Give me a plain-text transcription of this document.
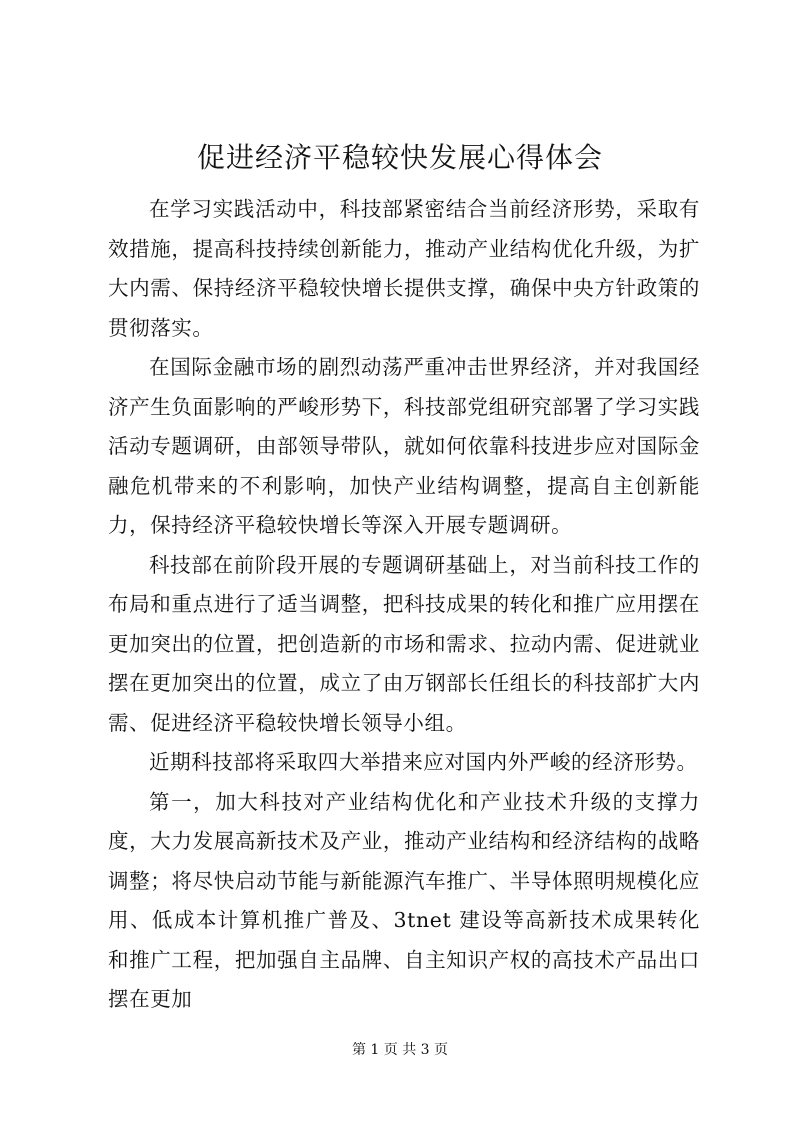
促进经济平稳较快发展心得体会

在学习实践活动中，科技部紧密结合当前经济形势，采取有效措施，提高科技持续创新能力，推动产业结构优化升级，为扩大内需、保持经济平稳较快增长提供支撑，确保中央方针政策的贯彻落实。

在国际金融市场的剧烈动荡严重冲击世界经济，并对我国经济产生负面影响的严峻形势下，科技部党组研究部署了学习实践活动专题调研，由部领导带队，就如何依靠科技进步应对国际金融危机带来的不利影响，加快产业结构调整，提高自主创新能力，保持经济平稳较快增长等深入开展专题调研。

科技部在前阶段开展的专题调研基础上，对当前科技工作的布局和重点进行了适当调整，把科技成果的转化和推广应用摆在更加突出的位置，把创造新的市场和需求、拉动内需、促进就业摆在更加突出的位置，成立了由万钢部长任组长的科技部扩大内需、促进经济平稳较快增长领导小组。

近期科技部将采取四大举措来应对国内外严峻的经济形势。

第一，加大科技对产业结构优化和产业技术升级的支撑力度，大力发展高新技术及产业，推动产业结构和经济结构的战略调整；将尽快启动节能与新能源汽车推广、半导体照明规模化应用、低成本计算机推广普及、3tnet 建设等高新技术成果转化和推广工程，把加强自主品牌、自主知识产权的高技术产品出口摆在更加

第 1 页 共 3 页
